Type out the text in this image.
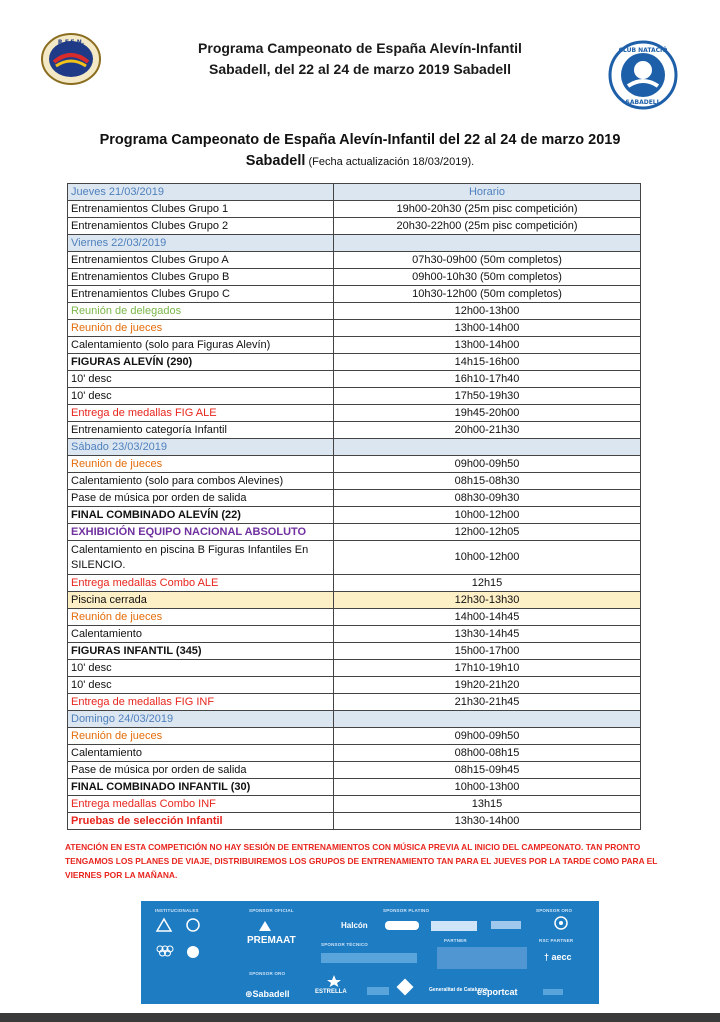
R.F.E.N.	Programa Campeonato de España Alevín-Infantil
Sabadell, del 22 al 24 de marzo 2019 Sabadell
CLUB NATACIÓ
SABADELL
Programa Campeonato de España Alevín-Infantil del 22 al 24 de marzo 2019
Sabadell (Fecha actualización 18/03/2019).
Jueves 21/03/2019	Horario
Entrenamientos Clubes Grupo 1	19h00-20h30 (25m pisc competición)
Entrenamientos Clubes Grupo 2	20h30-22h00 (25m pisc competición)
Viernes 22/03/2019	
Entrenamientos Clubes Grupo A	07h30-09h00 (50m completos)
Entrenamientos Clubes Grupo B	09h00-10h30 (50m completos)
Entrenamientos Clubes Grupo C	10h30-12h00 (50m completos)
Reunión de delegados	12h00-13h00
Reunión de jueces	13h00-14h00
Calentamiento (solo para Figuras Alevín)	13h00-14h00
FIGURAS ALEVÍN (290)	14h15-16h00
10' desc	16h10-17h40
10' desc	17h50-19h30
Entrega de medallas FIG ALE	19h45-20h00
Entrenamiento categoría Infantil	20h00-21h30
Sábado 23/03/2019	
Reunión de jueces	09h00-09h50
Calentamiento (solo para combos Alevines)	08h15-08h30
Pase de música por orden de salida	08h30-09h30
FINAL COMBINADO ALEVÍN (22)	10h00-12h00
EXHIBICIÓN EQUIPO NACIONAL ABSOLUTO	12h00-12h05
Calentamiento en piscina B Figuras Infantiles En SILENCIO.	10h00-12h00
Entrega medallas Combo ALE	12h15
Piscina cerrada	12h30-13h30
Reunión de jueces	14h00-14h45
Calentamiento	13h30-14h45
FIGURAS INFANTIL (345)	15h00-17h00
10' desc	17h10-19h10
10' desc	19h20-21h20
Entrega de medallas FIG INF	21h30-21h45
Domingo 24/03/2019	
Reunión de jueces	09h00-09h50
Calentamiento	08h00-08h15
Pase de música por orden de salida	08h15-09h45
FINAL COMBINADO INFANTIL (30)	10h00-13h00
Entrega medallas Combo INF	13h15
Pruebas de selección Infantil	13h30-14h00
ATENCIÓN EN ESTA COMPETICIÓN NO HAY SESIÓN DE ENTRENAMIENTOS CON MÚSICA PREVIA AL INICIO DEL CAMPEONATO. TAN PRONTO TENGAMOS LOS PLANES DE VIAJE, DISTRIBUIREMOS LOS GRUPOS DE ENTRENAMIENTO TAN PARA EL JUEVES POR LA TARDE COMO PARA EL VIERNES POR LA MAÑANA.
INSTITUCIONALES	SPONSOR OFICIAL	SPONSOR PLATINO	SPONSOR ORO
SPONSOR TÉCNICO
PARTNER	RSC PARTNER
SPONSOR ORO
PREMAAT
Halcón
† aecc
⊕Sabadell	ESTRELLA	Generalitat de Catalunya
esportcat
